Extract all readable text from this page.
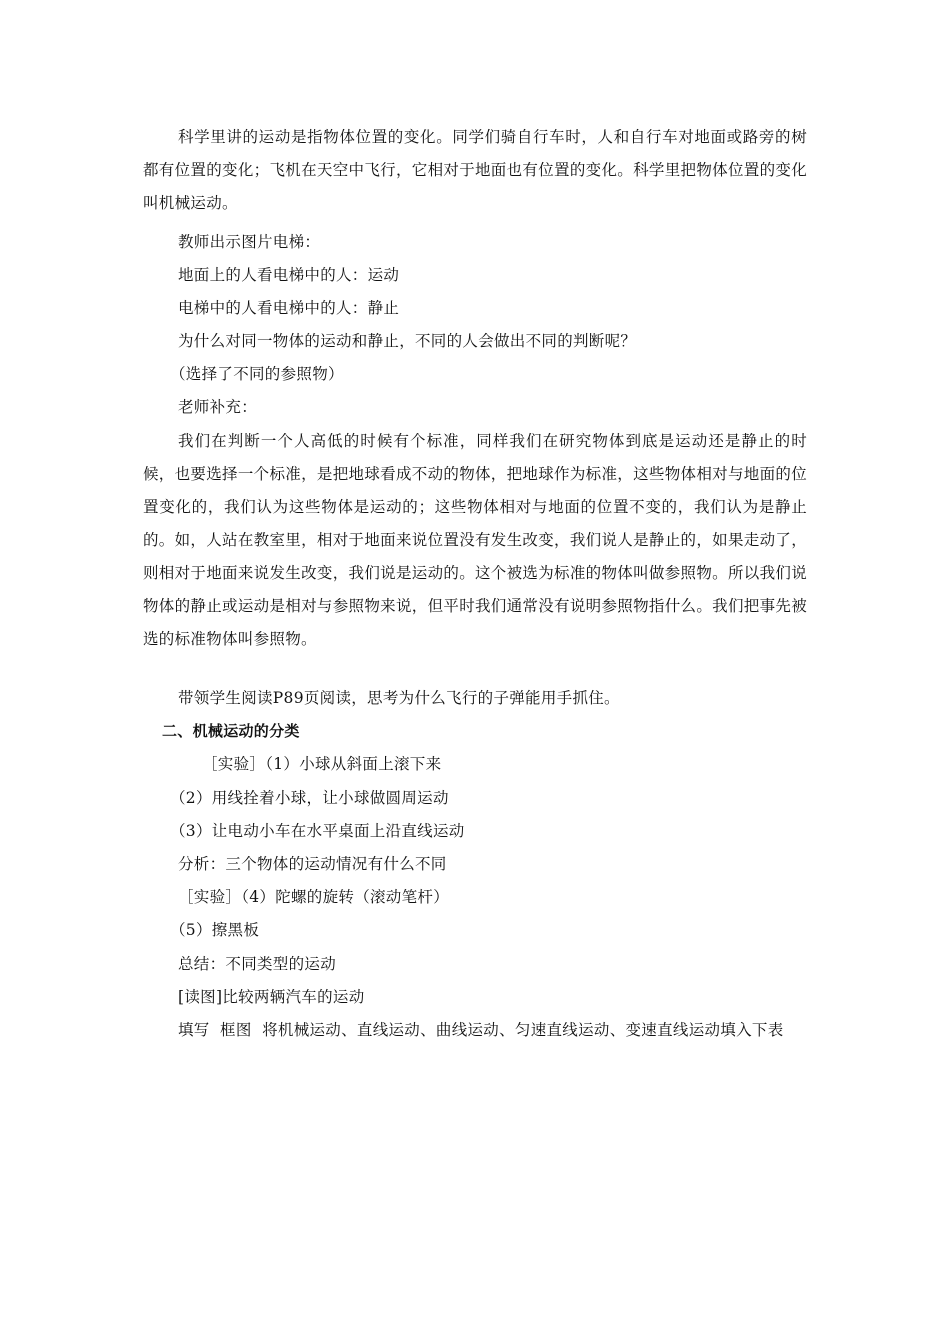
科学里讲的运动是指物体位置的变化。同学们骑自行车时，人和自行车对地面或路旁的树都有位置的变化；飞机在天空中飞行，它相对于地面也有位置的变化。科学里把物体位置的变化叫机械运动。
教师出示图片电梯：
地面上的人看电梯中的人：运动
电梯中的人看电梯中的人：静止
为什么对同一物体的运动和静止，不同的人会做出不同的判断呢？
（选择了不同的参照物）
老师补充：
我们在判断一个人高低的时候有个标准，同样我们在研究物体到底是运动还是静止的时候，也要选择一个标准，是把地球看成不动的物体，把地球作为标准，这些物体相对与地面的位置变化的，我们认为这些物体是运动的；这些物体相对与地面的位置不变的，我们认为是静止的。如，人站在教室里，相对于地面来说位置没有发生改变，我们说人是静止的，如果走动了，则相对于地面来说发生改变，我们说是运动的。这个被选为标准的物体叫做参照物。所以我们说物体的静止或运动是相对与参照物来说，但平时我们通常没有说明参照物指什么。我们把事先被选的标准物体叫参照物。
带领学生阅读P89页阅读，思考为什么飞行的子弹能用手抓住。
二、机械运动的分类
［实验］（1）小球从斜面上滚下来
（2）用线拴着小球，让小球做圆周运动
（3）让电动小车在水平桌面上沿直线运动
分析：三个物体的运动情况有什么不同
［实验］（4）陀螺的旋转（滚动笔杆）
（5）擦黑板
总结：不同类型的运动
[读图]比较两辆汽车的运动
填写  框图  将机械运动、直线运动、曲线运动、匀速直线运动、变速直线运动填入下表
